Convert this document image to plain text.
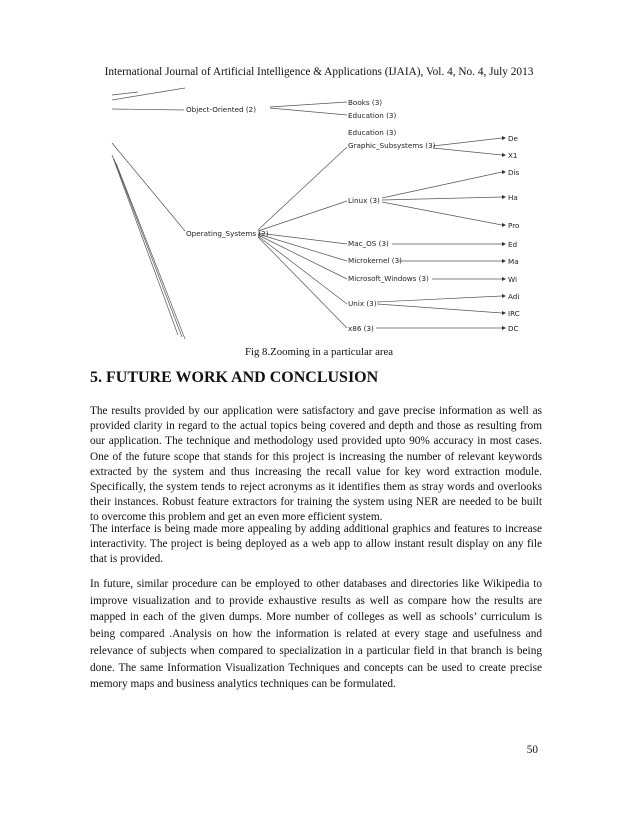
International Journal of Artificial Intelligence & Applications (IJAIA), Vol. 4, No. 4, July 2013
Object-Oriented (2)
Operating_Systems (2)
Books (3)
Education (3)
Education (3)
Graphic_Subsystems (3)
Linux (3)
Mac_OS (3)
Microkernel (3)
Microsoft_Windows (3)
Unix (3)
x86 (3)
De
X1
Dis
Ha
Pro
Ed
Ma
Wi
Adi
IRC
DC
Fig 8.Zooming in a particular area
5. FUTURE WORK AND CONCLUSION

The results provided by our application were satisfactory and gave precise information as well as provided clarity in regard to the actual topics being covered and depth and those as resulting from our application. The technique and methodology used provided upto 90% accuracy in most cases. One of the future scope that stands for this project is increasing the number of relevant keywords extracted by the system and thus increasing the recall value for key word extraction module. Specifically, the system tends to reject acronyms as it identifies them as stray words and overlooks their instances. Robust feature extractors for training the system using NER are needed to be built to overcome this problem and get an even more efficient system.

The interface is being made more appealing by adding additional graphics and features to increase interactivity. The project is being deployed as a web app to allow instant result display on any file that is provided.

In future, similar procedure can be employed to other databases and directories like Wikipedia to improve visualization and to provide exhaustive results as well as compare how the results are mapped in each of the given dumps. More number of colleges as well as schools’ curriculum is being compared .Analysis on how the information is related at every stage and usefulness and relevance of subjects when compared to specialization in a particular field in that branch is being done. The same Information Visualization Techniques and concepts can be used to create precise memory maps and business analytics techniques can be formulated.

50
